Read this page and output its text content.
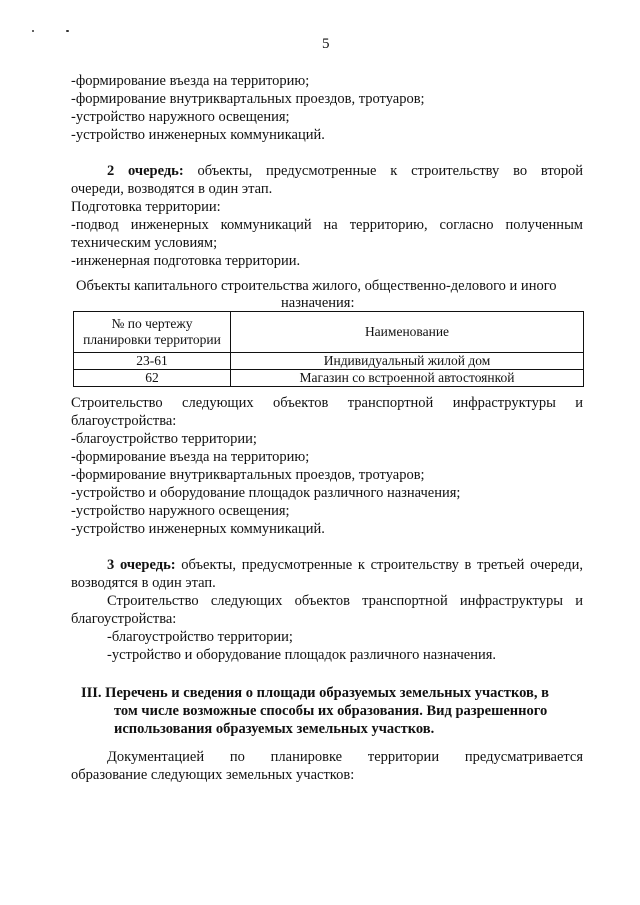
5
-формирование въезда на территорию;
-формирование внутриквартальных проездов, тротуаров;
-устройство наружного освещения;
-устройство инженерных коммуникаций.
2 очередь: объекты, предусмотренные к строительству во второй
очереди, возводятся в один этап.
Подготовка территории:
-подвод инженерных коммуникаций на территорию, согласно полученным
техническим условиям;
-инженерная подготовка территории.
Объекты капитального строительства жилого, общественно-делового и иного
назначения:
№ по чертежу
планировки территории	Наименование
23-61	Индивидуальный жилой дом
62	Магазин со встроенной автостоянкой
Строительство следующих объектов транспортной инфраструктуры и
благоустройства:
-благоустройство территории;
-формирование въезда на территорию;
-формирование внутриквартальных проездов, тротуаров;
-устройство и оборудование площадок различного назначения;
-устройство наружного освещения;
-устройство инженерных коммуникаций.
3 очередь: объекты, предусмотренные к строительству в третьей очереди,
возводятся в один этап.
Строительство следующих объектов транспортной инфраструктуры и
благоустройства:
-благоустройство территории;
-устройство и оборудование площадок различного назначения.
III. Перечень и сведения о площади образуемых земельных участков, в
том числе возможные способы их образования. Вид разрешенного
использования образуемых земельных участков.
Документацией по планировке территории предусматривается
образование следующих земельных участков:
